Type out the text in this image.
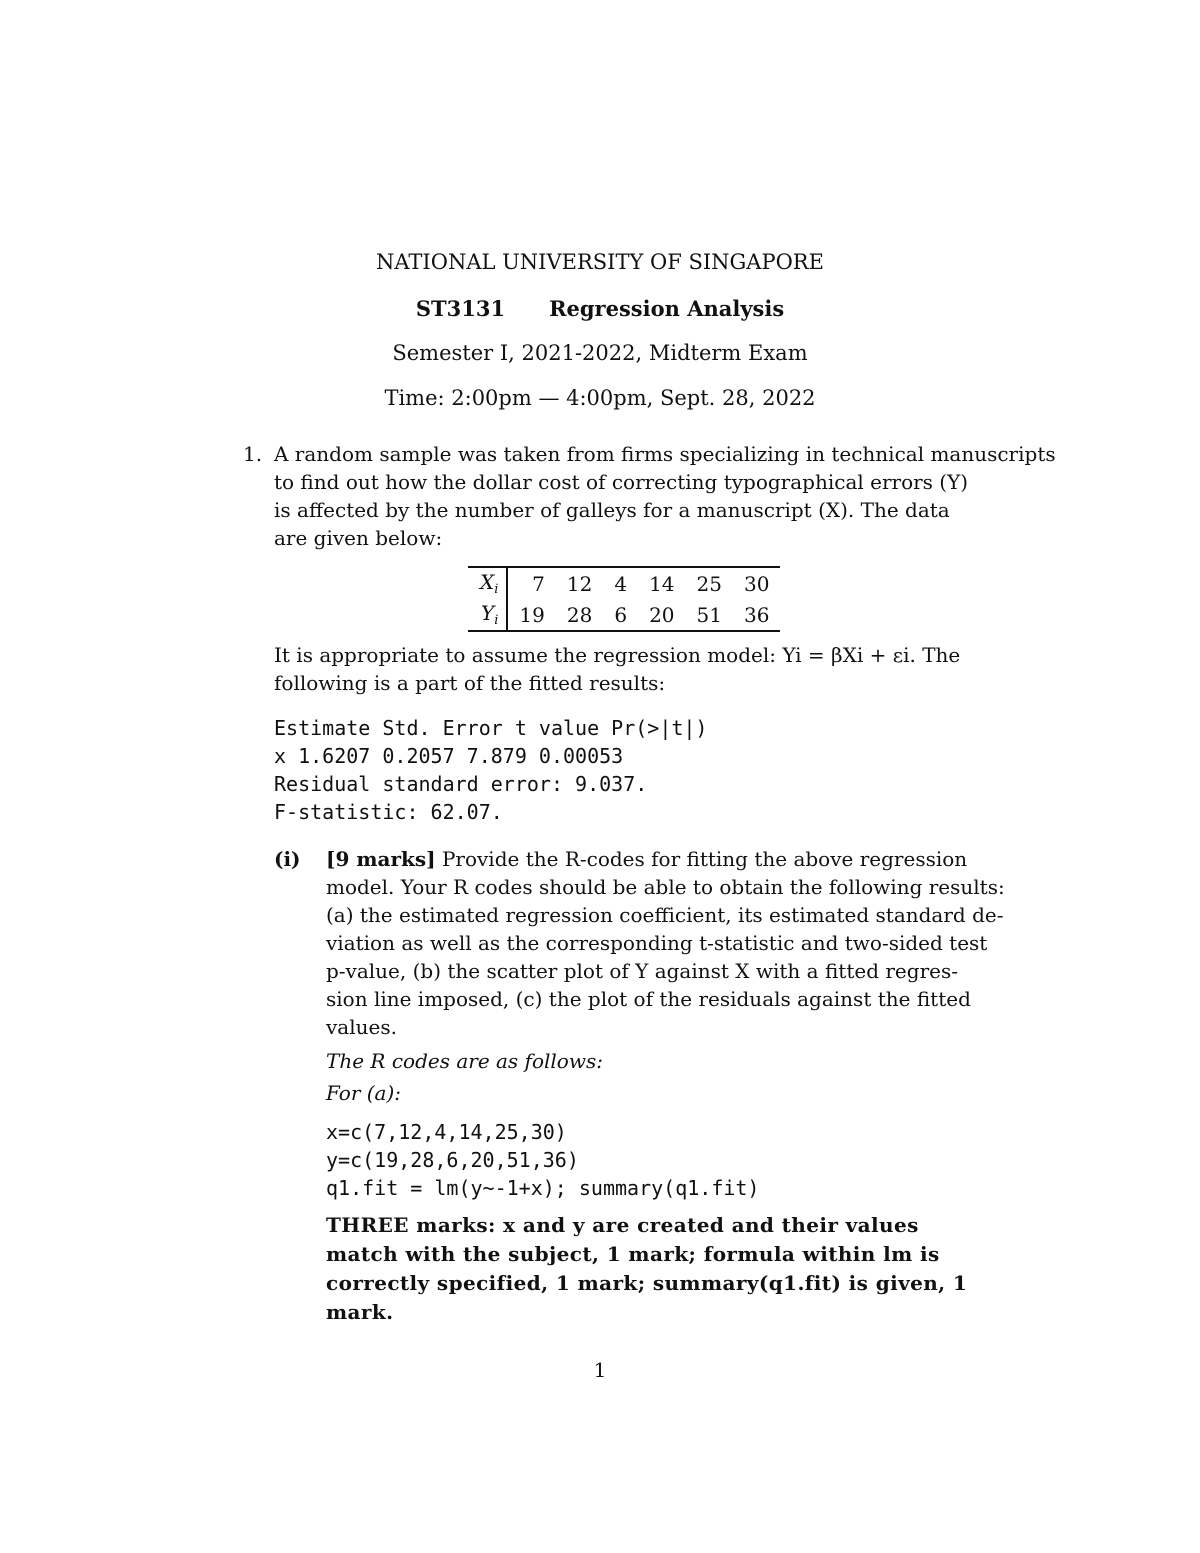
NATIONAL UNIVERSITY OF SINGAPORE
ST3131 Regression Analysis
Semester I, 2021-2022, Midterm Exam
Time: 2:00pm — 4:00pm, Sept. 28, 2022
1. A random sample was taken from firms specializing in technical manuscripts
to find out how the dollar cost of correcting typographical errors (Y)
is affected by the number of galleys for a manuscript (X). The data
are given below:
$X_i$	7	12	4	14	25	30
$Y_i$	19	28	6	20	51	36
It is appropriate to assume the regression model: Yi = βXi + εi. The
following is a part of the fitted results:
Estimate Std. Error t value Pr(>|t|)
x 1.6207 0.2057 7.879 0.00053
Residual standard error: 9.037.
F-statistic: 62.07.
(i) [9 marks] Provide the R-codes for fitting the above regression
model. Your R codes should be able to obtain the following results:
(a) the estimated regression coefficient, its estimated standard de-
viation as well as the corresponding t-statistic and two-sided test
p-value, (b) the scatter plot of Y against X with a fitted regres-
sion line imposed, (c) the plot of the residuals against the fitted
values.
The R codes are as follows:
For (a):
x=c(7,12,4,14,25,30)
y=c(19,28,6,20,51,36)
q1.fit = lm(y~-1+x); summary(q1.fit)
THREE marks: x and y are created and their values
match with the subject, 1 mark; formula within lm is
correctly specified, 1 mark; summary(q1.fit) is given, 1
mark.
1
